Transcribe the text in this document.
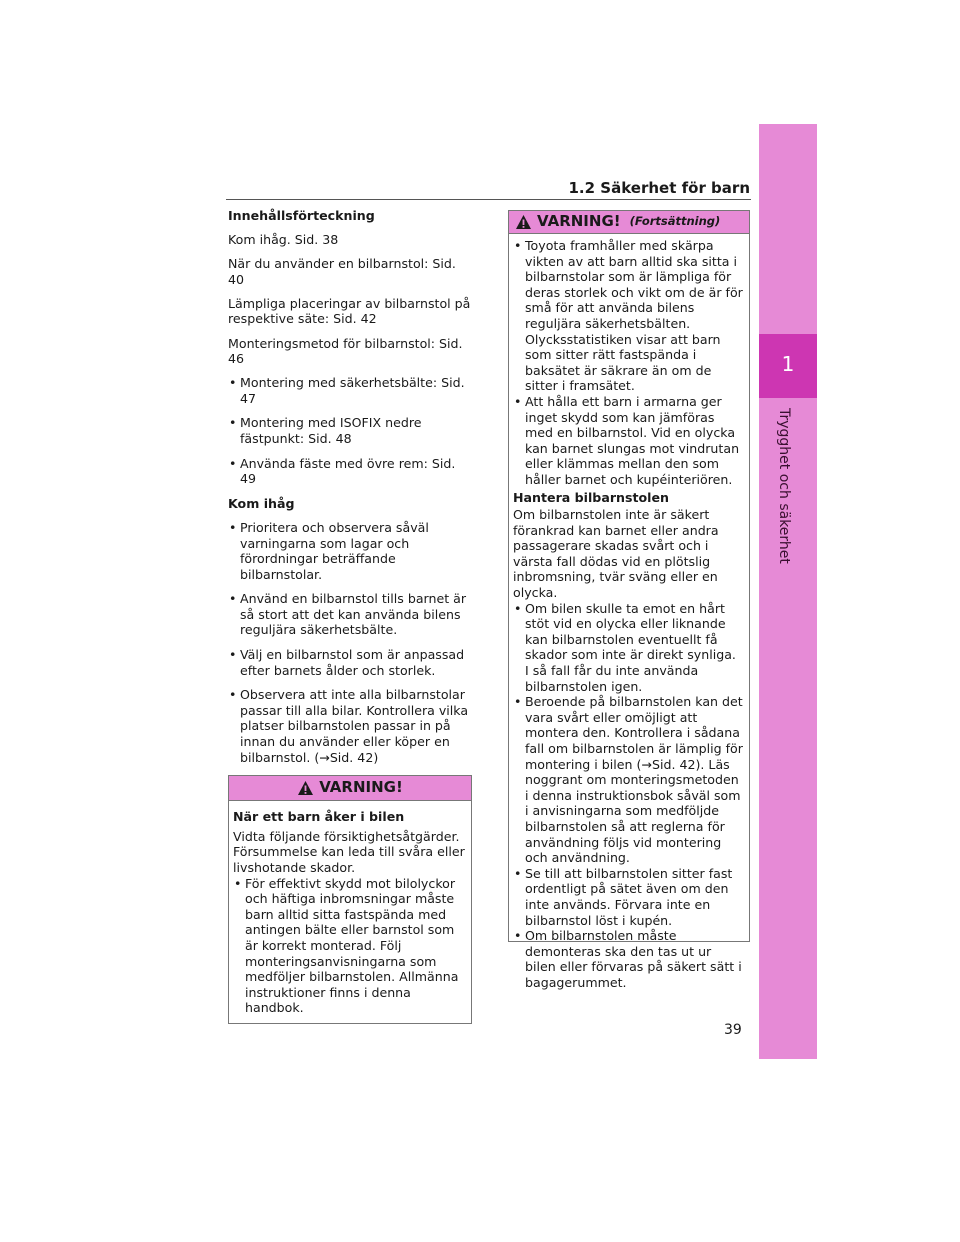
1.2 Säkerhet för barn
1
Trygghet och säkerhet
Innehållsförteckning
Kom ihåg. Sid. 38
När du använder en bilbarnstol: Sid. 40
Lämpliga placeringar av bilbarnstol på respektive säte: Sid. 42
Monteringsmetod för bilbarnstol: Sid. 46
• Montering med säkerhetsbälte: Sid. 47
• Montering med ISOFIX nedre fästpunkt: Sid. 48
• Använda fäste med övre rem: Sid. 49
Kom ihåg
• Prioritera och observera såväl varningarna som lagar och förordningar beträffande bilbarnstolar.
• Använd en bilbarnstol tills barnet är så stort att det kan använda bilens reguljära säkerhetsbälte.
• Välj en bilbarnstol som är anpassad efter barnets ålder och storlek.
• Observera att inte alla bilbarnstolar passar till alla bilar. Kontrollera vilka platser bilbarnstolen passar in på innan du använder eller köper en bilbarnstol. (→Sid. 42)
VARNING!
När ett barn åker i bilen
Vidta följande försiktighetsåtgärder. Försummelse kan leda till svåra eller livshotande skador.
• För effektivt skydd mot bilolyckor och häftiga inbromsningar måste barn alltid sitta fastspända med antingen bälte eller barnstol som är korrekt monterad. Följ monteringsanvisningarna som medföljer bilbarnstolen. Allmänna instruktioner finns i denna handbok.
VARNING! (Fortsättning)
• Toyota framhåller med skärpa vikten av att barn alltid ska sitta i bilbarnstolar som är lämpliga för deras storlek och vikt om de är för små för att använda bilens reguljära säkerhetsbälten. Olycksstatistiken visar att barn som sitter rätt fastspända i baksätet är säkrare än om de sitter i framsätet.
• Att hålla ett barn i armarna ger inget skydd som kan jämföras med en bilbarnstol. Vid en olycka kan barnet slungas mot vindrutan eller klämmas mellan den som håller barnet och kupéinteriören.
Hantera bilbarnstolen
Om bilbarnstolen inte är säkert förankrad kan barnet eller andra passagerare skadas svårt och i värsta fall dödas vid en plötslig inbromsning, tvär sväng eller en olycka.
• Om bilen skulle ta emot en hårt stöt vid en olycka eller liknande kan bilbarnstolen eventuellt få skador som inte är direkt synliga. I så fall får du inte använda bilbarnstolen igen.
• Beroende på bilbarnstolen kan det vara svårt eller omöjligt att montera den. Kontrollera i sådana fall om bilbarnstolen är lämplig för montering i bilen (→Sid. 42). Läs noggrant om monteringsmetoden i denna instruktionsbok såväl som i anvisningarna som medföljde bilbarnstolen så att reglerna för användning följs vid montering och användning.
• Se till att bilbarnstolen sitter fast ordentligt på sätet även om den inte används. Förvara inte en bilbarnstol löst i kupén.
• Om bilbarnstolen måste demonteras ska den tas ut ur bilen eller förvaras på säkert sätt i bagagerummet.
39
